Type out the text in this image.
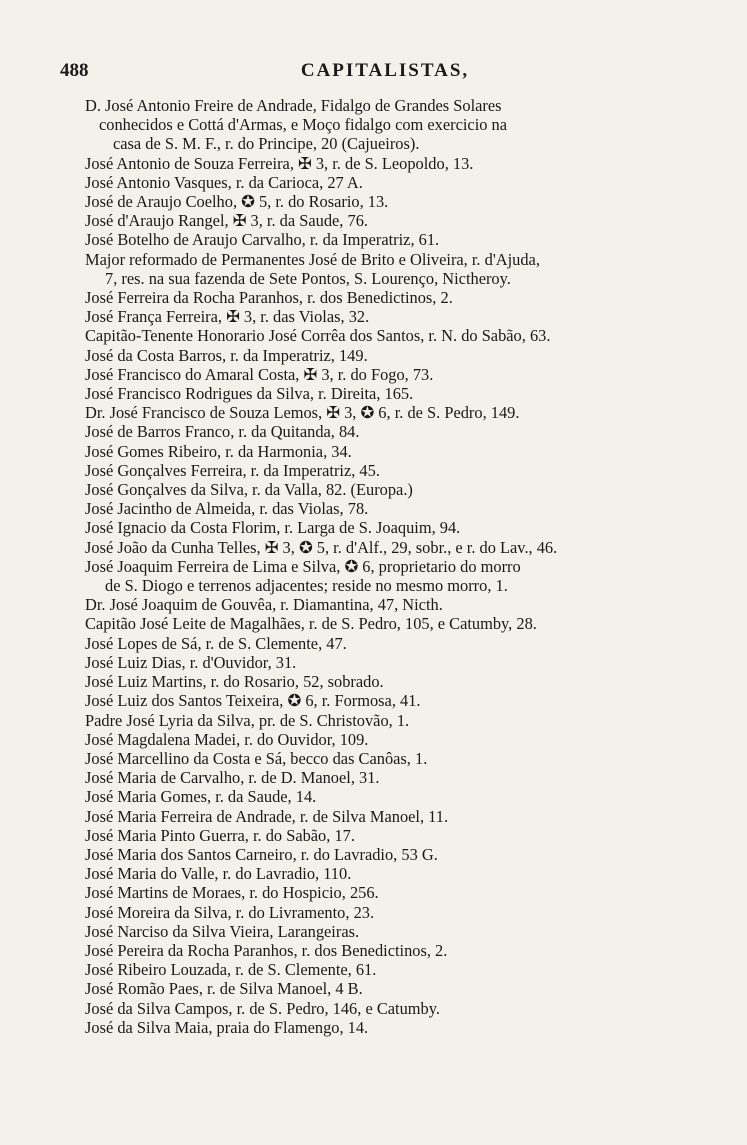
488	CAPITALISTAS,
D. José Antonio Freire de Andrade, Fidalgo de Grandes Solares
conhecidos e Cottá d'Armas, e Moço fidalgo com exercicio na
casa de S. M. F., r. do Principe, 20 (Cajueiros).
José Antonio de Souza Ferreira, ✠ 3, r. de S. Leopoldo, 13.
José Antonio Vasques, r. da Carioca, 27 A.
José de Araujo Coelho, ✪ 5, r. do Rosario, 13.
José d'Araujo Rangel, ✠ 3, r. da Saude, 76.
José Botelho de Araujo Carvalho, r. da Imperatriz, 61.
Major reformado de Permanentes José de Brito e Oliveira, r. d'Ajuda,
7, res. na sua fazenda de Sete Pontos, S. Lourenço, Nictheroy.
José Ferreira da Rocha Paranhos, r. dos Benedictinos, 2.
José França Ferreira, ✠ 3, r. das Violas, 32.
Capitão-Tenente Honorario José Corrêa dos Santos, r. N. do Sabão, 63.
José da Costa Barros, r. da Imperatriz, 149.
José Francisco do Amaral Costa, ✠ 3, r. do Fogo, 73.
José Francisco Rodrigues da Silva, r. Direita, 165.
Dr. José Francisco de Souza Lemos, ✠ 3, ✪ 6, r. de S. Pedro, 149.
José de Barros Franco, r. da Quitanda, 84.
José Gomes Ribeiro, r. da Harmonia, 34.
José Gonçalves Ferreira, r. da Imperatriz, 45.
José Gonçalves da Silva, r. da Valla, 82. (Europa.)
José Jacintho de Almeida, r. das Violas, 78.
José Ignacio da Costa Florim, r. Larga de S. Joaquim, 94.
José João da Cunha Telles, ✠ 3, ✪ 5, r. d'Alf., 29, sobr., e r. do Lav., 46.
José Joaquim Ferreira de Lima e Silva, ✪ 6, proprietario do morro
de S. Diogo e terrenos adjacentes; reside no mesmo morro, 1.
Dr. José Joaquim de Gouvêa, r. Diamantina, 47, Nicth.
Capitão José Leite de Magalhães, r. de S. Pedro, 105, e Catumby, 28.
José Lopes de Sá, r. de S. Clemente, 47.
José Luiz Dias, r. d'Ouvidor, 31.
José Luiz Martins, r. do Rosario, 52, sobrado.
José Luiz dos Santos Teixeira, ✪ 6, r. Formosa, 41.
Padre José Lyria da Silva, pr. de S. Christovão, 1.
José Magdalena Madei, r. do Ouvidor, 109.
José Marcellino da Costa e Sá, becco das Canôas, 1.
José Maria de Carvalho, r. de D. Manoel, 31.
José Maria Gomes, r. da Saude, 14.
José Maria Ferreira de Andrade, r. de Silva Manoel, 11.
José Maria Pinto Guerra, r. do Sabão, 17.
José Maria dos Santos Carneiro, r. do Lavradio, 53 G.
José Maria do Valle, r. do Lavradio, 110.
José Martins de Moraes, r. do Hospicio, 256.
José Moreira da Silva, r. do Livramento, 23.
José Narciso da Silva Vieira, Larangeiras.
José Pereira da Rocha Paranhos, r. dos Benedictinos, 2.
José Ribeiro Louzada, r. de S. Clemente, 61.
José Romão Paes, r. de Silva Manoel, 4 B.
José da Silva Campos, r. de S. Pedro, 146, e Catumby.
José da Silva Maia, praia do Flamengo, 14.
